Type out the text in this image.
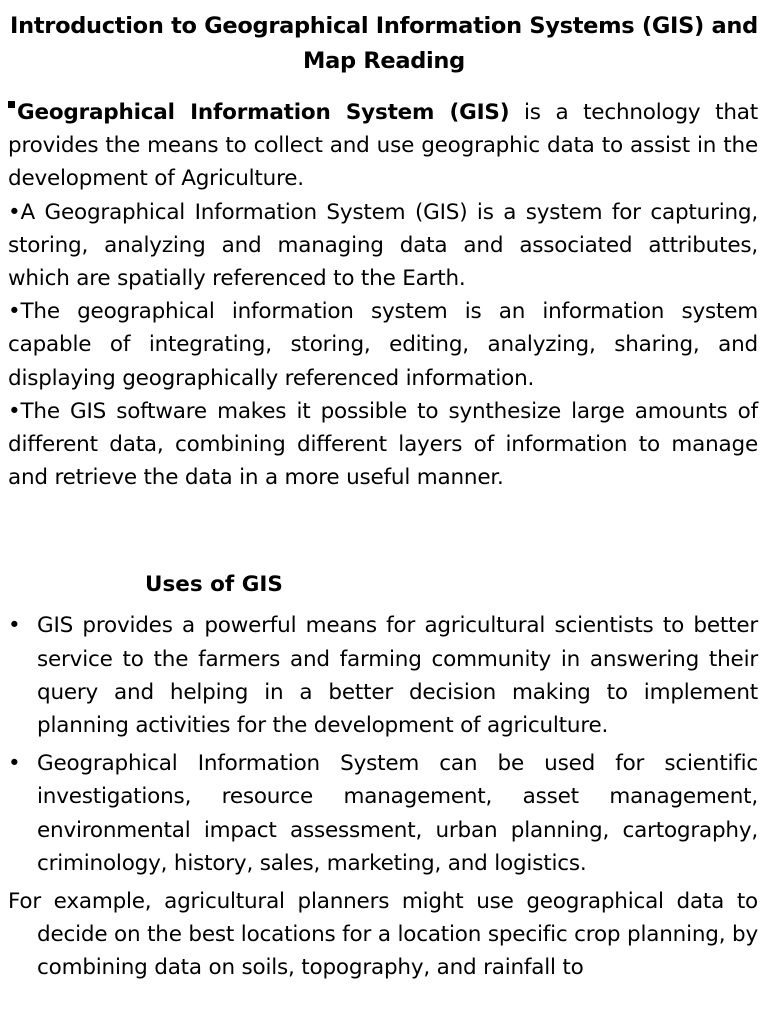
Introduction to Geographical Information Systems (GIS) and Map Reading

Geographical Information System (GIS) is a technology that provides the means to collect and use geographic data to assist in the development of Agriculture.

•A Geographical Information System (GIS) is a system for capturing, storing, analyzing and managing data and associated attributes, which are spatially referenced to the Earth.

•The geographical information system is an information system capable of integrating, storing, editing, analyzing, sharing, and displaying geographically referenced information.

•The GIS software makes it possible to synthesize large amounts of different data, combining different layers of information to manage and retrieve the data in a more useful manner.

Uses of GIS
• GIS provides a powerful means for agricultural scientists to better service to the farmers and farming community in answering their query and helping in a better decision making to implement planning activities for the development of agriculture.
• Geographical Information System can be used for scientific investigations, resource management, asset management, environmental impact assessment, urban planning, cartography, criminology, history, sales, marketing, and logistics.

For example, agricultural planners might use geographical data to decide on the best locations for a location specific crop planning, by combining data on soils, topography, and rainfall to
